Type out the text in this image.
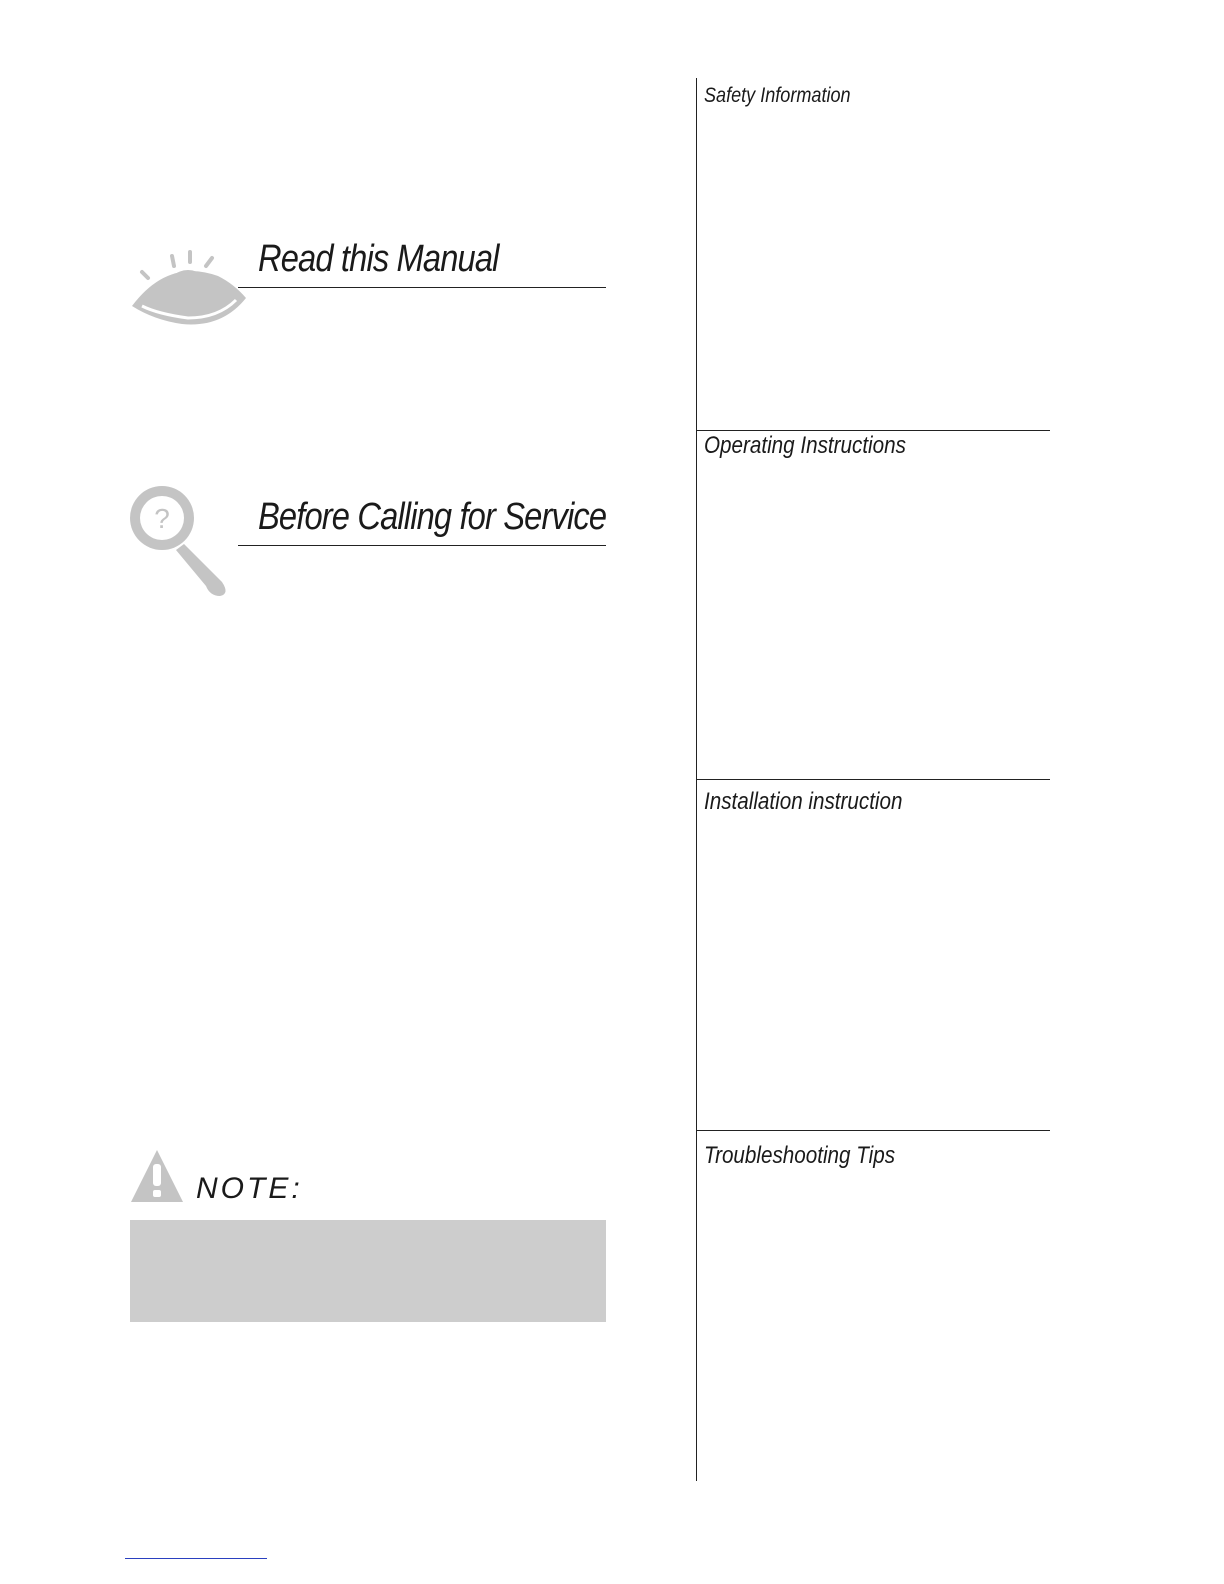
Read this Manual
? Before Calling for Service
NOTE:
Safety Information
Operating Instructions
Installation instruction
Troubleshooting Tips
